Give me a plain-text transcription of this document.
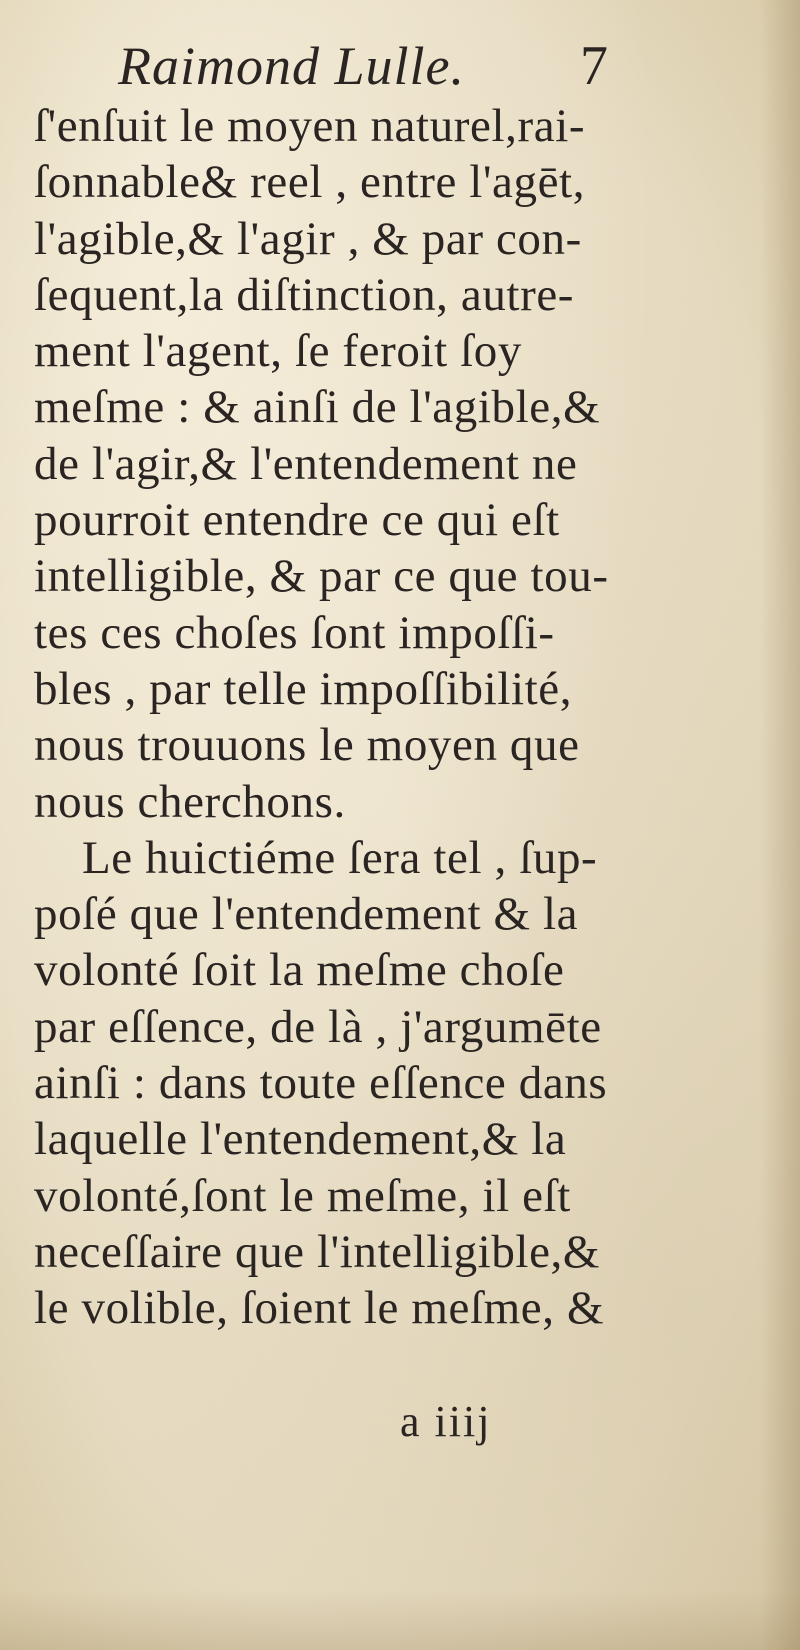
Raimond Lulle. 7
ſ'enſuit le moyen naturel,rai-
ſonnable& reel , entre l'agēt,
l'agible,& l'agir , & par con-
ſequent,la diſtinction, autre-
ment l'agent, ſe feroit ſoy
meſme : & ainſi de l'agible,&
de l'agir,& l'entendement ne
pourroit entendre ce qui eſt
intelligible, & par ce que tou-
tes ces choſes ſont impoſſi-
bles , par telle impoſſibilité,
nous trouuons le moyen que
nous cherchons.
Le huictiéme ſera tel , ſup-
poſé que l'entendement & la
volonté ſoit la meſme choſe
par eſſence, de là , j'argumēte
ainſi : dans toute eſſence dans
laquelle l'entendement,& la
volonté,ſont le meſme, il eſt
neceſſaire que l'intelligible,&
le volible, ſoient le meſme, &
a iiij
